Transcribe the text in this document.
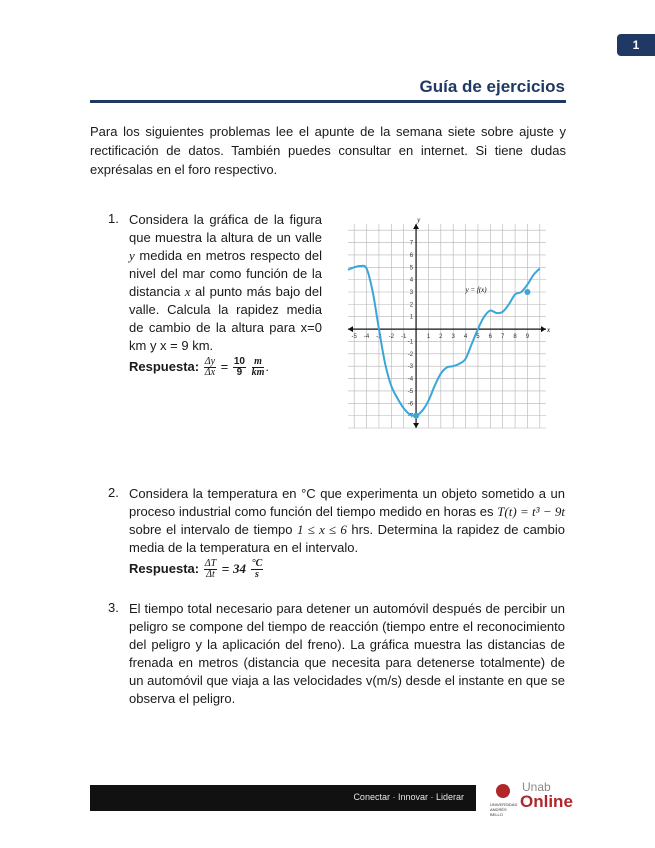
1
Guía de ejercicios
Para los siguientes problemas lee el apunte de la semana siete sobre ajuste y rectificación de datos. También puedes consultar en internet. Si tiene dudas exprésalas en el foro respectivo.
1. Considera la gráfica de la figura que muestra la altura de un valle y medida en metros respecto del nivel del mar como función de la distancia x al punto más bajo del valle. Calcula la rapidez media de cambio de la altura para x=0 km y x = 9 km.
Respuesta: $\frac{\Delta y}{\Delta x} = \frac{10}{9}$
$\frac{m}{km}$ .
x
y
-5 -4 -3 -2 -1	1 2 3 4 5 6 7 8 9
7
6
5
4
3
2
1
-1
-2
-3
-4
-5
-6
-7
y = f(x)
2. Considera la temperatura en °C que experimenta un objeto sometido a un proceso industrial como función del tiempo medido en horas es T(t) = t³ − 9t sobre el intervalo de tiempo 1 ≤ x ≤ 6 hrs. Determina la rapidez de cambio media de la temperatura en el intervalo.
Respuesta: $\frac{\Delta T}{\Delta t} = 34 \frac{^\circ C}{s}$
3. El tiempo total necesario para detener un automóvil después de percibir un peligro se compone del tiempo de reacción (tiempo entre el reconocimiento del peligro y la aplicación del freno). La gráfica muestra las distancias de frenada en metros (distancia que necesita para detenerse totalmente) de un automóvil que viaja a las velocidades v(m/s) desde el instante en que se observa el peligro.
Conectar · Innovar · Liderar
UNIVERSIDAD ANDRÉS BELLO
Unab
Online
